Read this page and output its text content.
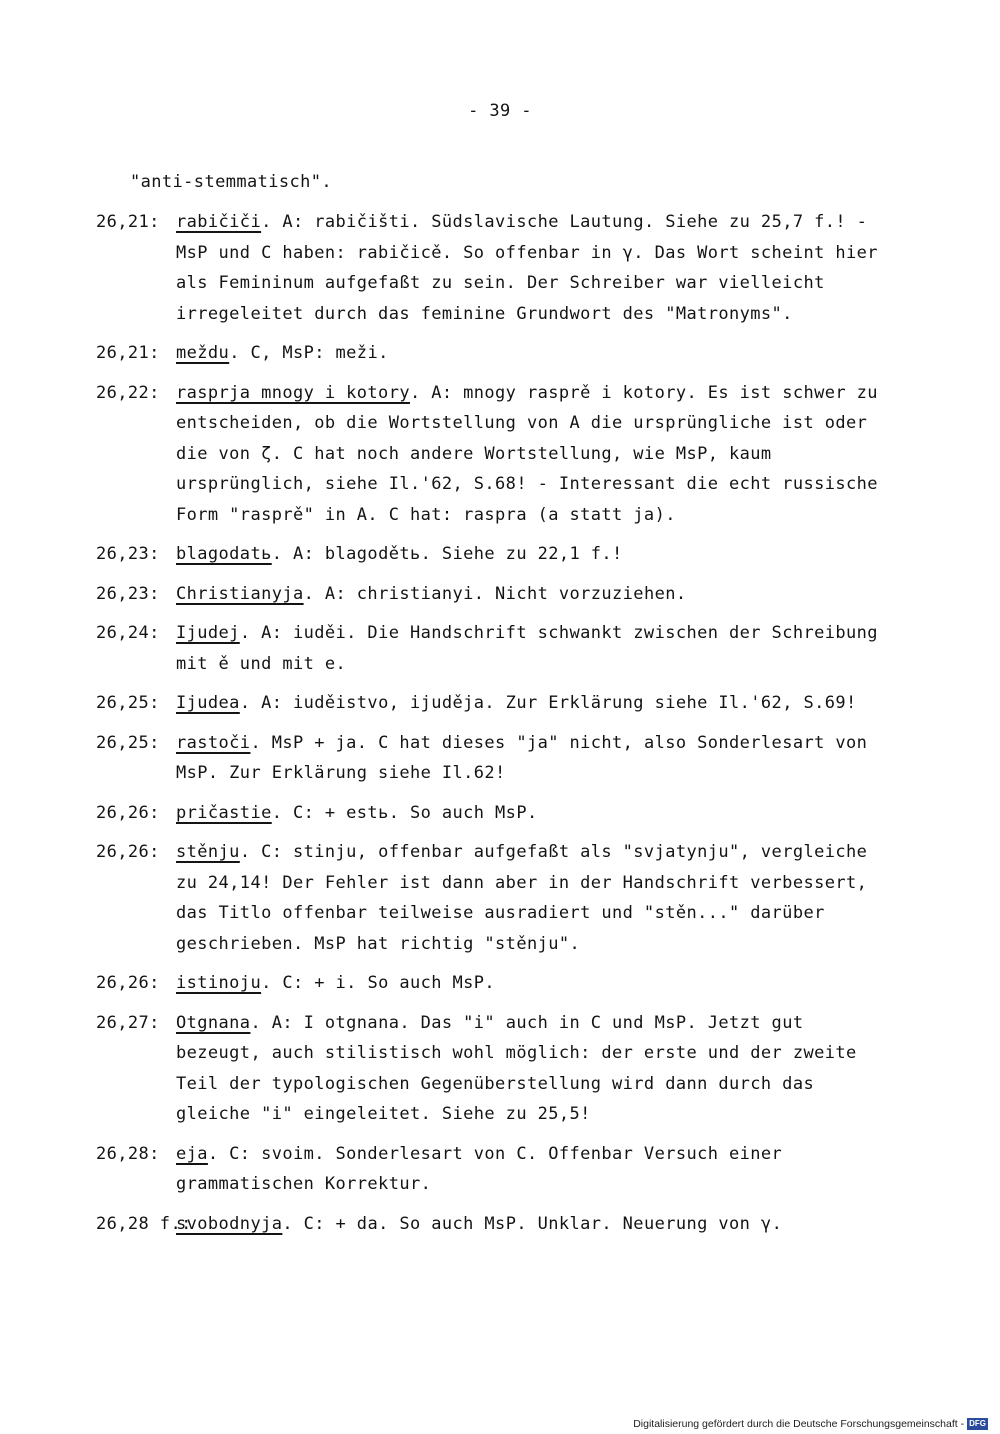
- 39 -
"anti-stemmatisch".
26,21: rabičiči. A: rabičišti. Südslavische Lautung. Siehe zu 25,7 f.! - MsP und C haben: rabičicě. So offenbar in γ. Das Wort scheint hier als Femininum aufgefaßt zu sein. Der Schreiber war vielleicht irregeleitet durch das feminine Grundwort des "Matronyms".
26,21: meždu. C, MsP: meži.
26,22: rasprja mnogy i kotory. A: mnogy rasprě i kotory. Es ist schwer zu entscheiden, ob die Wortstellung von A die ursprüngliche ist oder die von ζ. C hat noch andere Wortstellung, wie MsP, kaum ursprünglich, siehe Il.'62, S.68! - Interessant die echt russische Form "rasprě" in A. C hat: raspra (a statt ja).
26,23: blagodatь. A: blagodětь. Siehe zu 22,1 f.!
26,23: Christianyja. A: christianyi. Nicht vorzuziehen.
26,24: Ijudej. A: iuděi. Die Handschrift schwankt zwischen der Schreibung mit ě und mit e.
26,25: Ijudea. A: iuděistvo, ijuděja. Zur Erklärung siehe Il.'62, S.69!
26,25: rastoči. MsP + ja. C hat dieses "ja" nicht, also Sonderlesart von MsP. Zur Erklärung siehe Il.62!
26,26: pričastie. C: + estь. So auch MsP.
26,26: stěnju. C: stinju, offenbar aufgefaßt als "svjatynju", vergleiche zu 24,14! Der Fehler ist dann aber in der Handschrift verbessert, das Titlo offenbar teilweise ausradiert und "stěn..." darüber geschrieben. MsP hat richtig "stěnju".
26,26: istinoju. C: + i. So auch MsP.
26,27: Otgnana. A: I otgnana. Das "i" auch in C und MsP. Jetzt gut bezeugt, auch stilistisch wohl möglich: der erste und der zweite Teil der typologischen Gegenüberstellung wird dann durch das gleiche "i" eingeleitet. Siehe zu 25,5!
26,28: eja. C: svoim. Sonderlesart von C. Offenbar Versuch einer grammatischen Korrektur.
26,28 f.:
svobodnyja. C: + da. So auch MsP. Unklar. Neuerung von γ.
Digitalisierung gefördert durch die Deutsche Forschungsgemeinschaft - DFG
